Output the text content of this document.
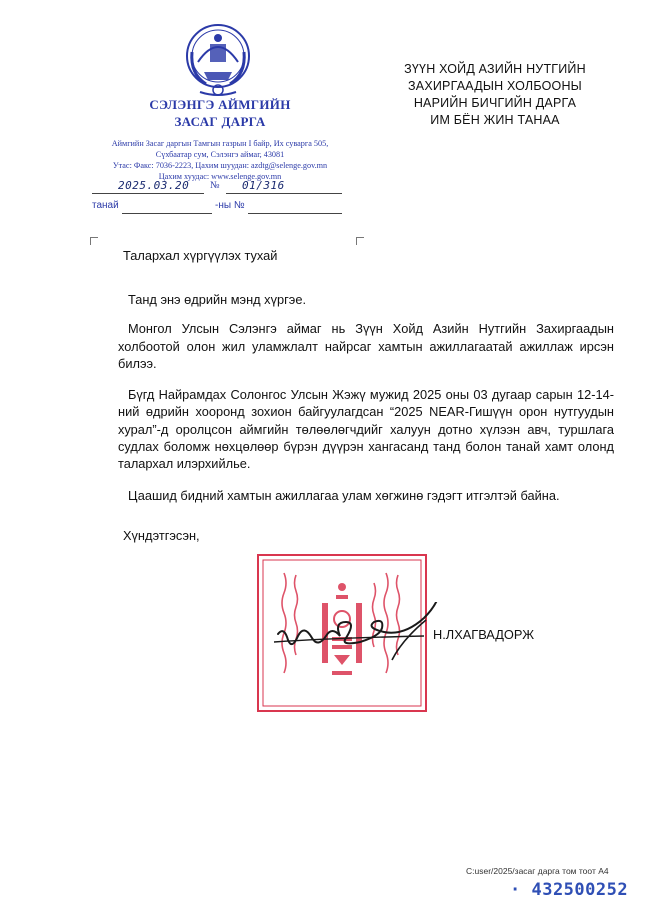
СЭЛЭНГЭ АЙМГИЙН
ЗАСАГ ДАРГА
Аймгийн Засаг даргын Тамгын газрын I байр, Их суварга 505,
Сүхбаатар сум, Сэлэнгэ аймаг, 43081
Утас: Факс: 7036-2223, Цахим шуудан: azdtg@selenge.gov.mn
Цахим хуудас: www.selenge.gov.mn
2025.03.20 № 01/316
танай	-ны №
ЗҮҮН ХОЙД АЗИЙН НУТГИЙН
ЗАХИРГААДЫН ХОЛБООНЫ
НАРИЙН БИЧГИЙН ДАРГА
ИМ БЁН ЖИН ТАНАА
Талархал хүргүүлэх тухай

Танд энэ өдрийн мэнд хүргэе.

Монгол Улсын Сэлэнгэ аймаг нь Зүүн Хойд Азийн Нутгийн Захиргаадын холбоотой олон жил уламжлалт найрсаг хамтын ажиллагаатай ажиллаж ирсэн билээ.

Бүгд Найрамдах Солонгос Улсын Жэжү мужид 2025 оны 03 дугаар сарын 12-14-ний өдрийн хооронд зохион байгуулагдсан “2025 NEAR-Гишүүн орон нутгуудын хурал”-д оролцсон аймгийн төлөөлөгчдийг халуун дотно хүлээн авч, туршлага судлах боломж нөхцөлөөр бүрэн дүүрэн хангасанд танд болон танай хамт олонд талархал илэрхийлье.

Цаашид бидний хамтын ажиллагаа улам хөгжинө гэдэгт итгэлтэй байна.

Хүндэтгэсэн,
Н.ЛХАГВАДОРЖ
C:user/2025/засаг дарга том тоот А4
· 432500252
